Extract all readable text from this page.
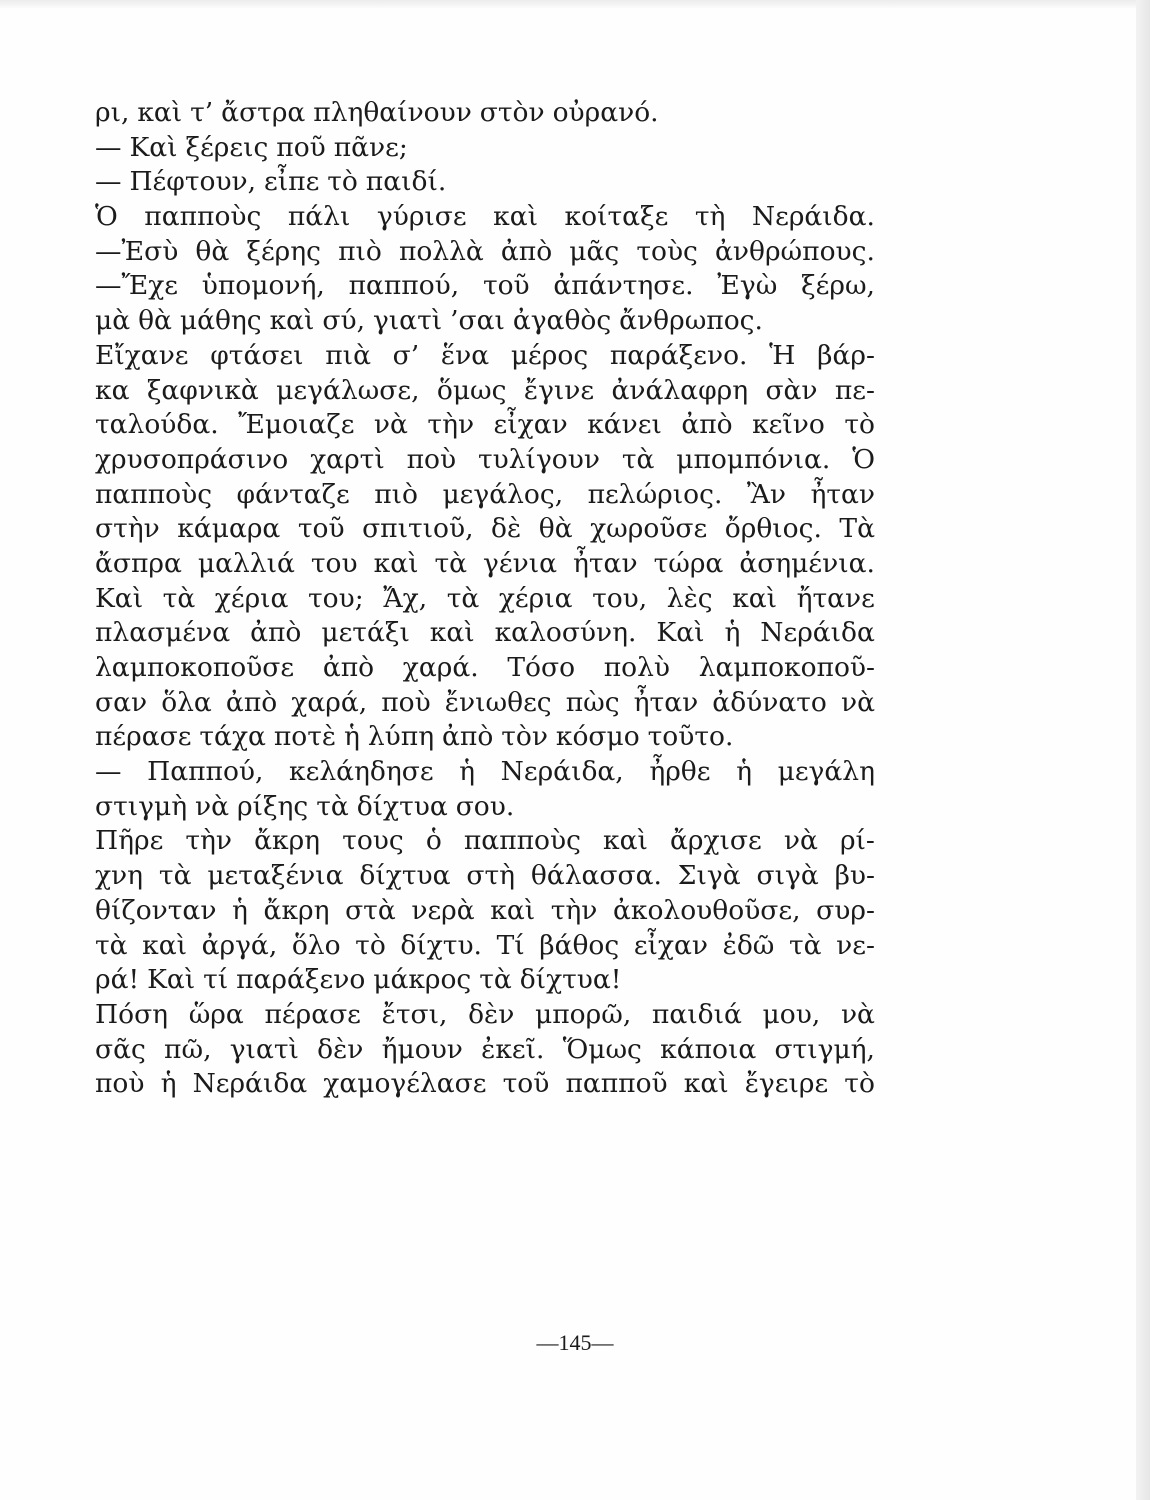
ρι, καὶ τ’ ἄστρα πληθαίνουν στὸν οὐρανό.
— Καὶ ξέρεις ποῦ πᾶνε;
— Πέφτουν, εἶπε τὸ παιδί.
Ὁ παπποὺς πάλι γύρισε καὶ κοίταξε τὴ Νεράιδα.
—Ἐσὺ θὰ ξέρης πιὸ πολλὰ ἀπὸ μᾶς τοὺς ἀνθρώπους.
—Ἔχε ὑπομονή, παππού, τοῦ ἀπάντησε. Ἐγὼ ξέρω,
μὰ θὰ μάθης καὶ σύ, γιατὶ ’σαι ἀγαθὸς ἄνθρωπος.
Εἴχανε φτάσει πιὰ σ’ ἕνα μέρος παράξενο. Ἡ βάρ-
κα ξαφνικὰ μεγάλωσε, ὅμως ἔγινε ἀνάλαφρη σὰν πε-
ταλούδα. Ἔμοιαζε νὰ τὴν εἶχαν κάνει ἀπὸ κεῖνο τὸ
χρυσοπράσινο χαρτὶ ποὺ τυλίγουν τὰ μπομπόνια. Ὁ
παπποὺς φάνταζε πιὸ μεγάλος, πελώριος. Ἂν ἦταν
στὴν κάμαρα τοῦ σπιτιοῦ, δὲ θὰ χωροῦσε ὄρθιος. Τὰ
ἄσπρα μαλλιά του καὶ τὰ γένια ἦταν τώρα ἀσημένια.
Καὶ τὰ χέρια του; Ἄχ, τὰ χέρια του, λὲς καὶ ἤτανε
πλασμένα ἀπὸ μετάξι καὶ καλοσύνη. Καὶ ἡ Νεράιδα
λαμποκοποῦσε ἀπὸ χαρά. Τόσο πολὺ λαμποκοποῦ-
σαν ὅλα ἀπὸ χαρά, ποὺ ἔνιωθες πὼς ἦταν ἀδύνατο νὰ
πέρασε τάχα ποτὲ ἡ λύπη ἀπὸ τὸν κόσμο τοῦτο.
— Παππού, κελάηδησε ἡ Νεράιδα, ἦρθε ἡ μεγάλη
στιγμὴ νὰ ρίξης τὰ δίχτυα σου.
Πῆρε τὴν ἄκρη τους ὁ παπποὺς καὶ ἄρχισε νὰ ρί-
χνη τὰ μεταξένια δίχτυα στὴ θάλασσα. Σιγὰ σιγὰ βυ-
θίζονταν ἡ ἄκρη στὰ νερὰ καὶ τὴν ἀκολουθοῦσε, συρ-
τὰ καὶ ἀργά, ὅλο τὸ δίχτυ. Τί βάθος εἶχαν ἐδῶ τὰ νε-
ρά! Καὶ τί παράξενο μάκρος τὰ δίχτυα!
Πόση ὥρα πέρασε ἔτσι, δὲν μπορῶ, παιδιά μου, νὰ
σᾶς πῶ, γιατὶ δὲν ἤμουν ἐκεῖ. Ὅμως κάποια στιγμή,
ποὺ ἡ Νεράιδα χαμογέλασε τοῦ παπποῦ καὶ ἔγειρε τὸ
—145—
